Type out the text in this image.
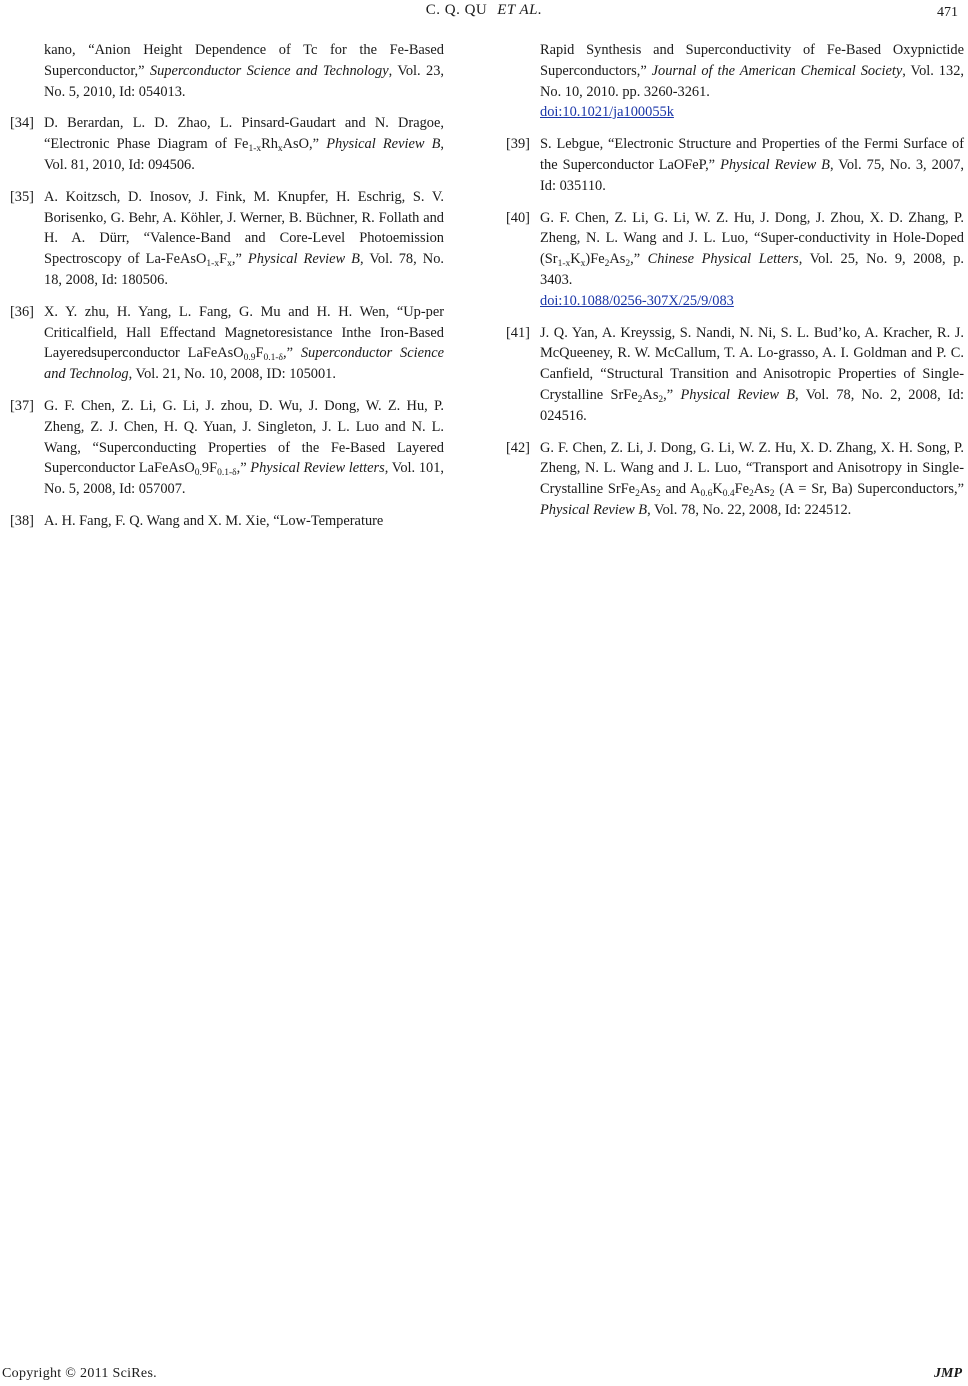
C. Q. QU ET AL.	471
kano, “Anion Height Dependence of Tc for the Fe-Based Superconductor,” Superconductor Science and Technology, Vol. 23, No. 5, 2010, Id: 054013.
[34] D. Berardan, L. D. Zhao, L. Pinsard-Gaudart and N. Dragoe, “Electronic Phase Diagram of $Fe_{1-x}Rh_xAsO$,” Physical Review B, Vol. 81, 2010, Id: 094506.
[35] A. Koitzsch, D. Inosov, J. Fink, M. Knupfer, H. Eschrig, S. V. Borisenko, G. Behr, A. Köhler, J. Werner, B. Büchner, R. Follath and H. A. Dürr, “Valence-Band and Core-Level Photoemission Spectroscopy of $La-FeAsO_{1-x}F_x$,” Physical Review B, Vol. 78, No. 18, 2008, Id: 180506.
[36] X. Y. zhu, H. Yang, L. Fang, G. Mu and H. H. Wen, “Up-per Criticalfield, Hall Effectand Magnetoresistance Inthe Iron-Based Layeredsuperconductor $LaFeAsO_{0.9}F_{0.1-\delta}$,” Superconductor Science and Technolog, Vol. 21, No. 10, 2008, ID: 105001.
[37] G. F. Chen, Z. Li, G. Li, J. zhou, D. Wu, J. Dong, W. Z. Hu, P. Zheng, Z. J. Chen, H. Q. Yuan, J. Singleton, J. L. Luo and N. L. Wang, “Superconducting Properties of the Fe-Based Layered Superconductor $LaFeAsO_{0.}9F_{0.1-\delta}$,” Physical Review letters, Vol. 101, No. 5, 2008, Id: 057007.
[38] A. H. Fang, F. Q. Wang and X. M. Xie, “Low-Temperature
Rapid Synthesis and Superconductivity of Fe-Based Oxypnictide Superconductors,” Journal of the American Chemical Society, Vol. 132, No. 10, 2010. pp. 3260-3261.
doi:10.1021/ja100055k
[39] S. Lebgue, “Electronic Structure and Properties of the Fermi Surface of the Superconductor LaOFeP,” Physical Review B, Vol. 75, No. 3, 2007, Id: 035110.
[40] G. F. Chen, Z. Li, G. Li, W. Z. Hu, J. Dong, J. Zhou, X. D. Zhang, P. Zheng, N. L. Wang and J. L. Luo, “Super-conductivity in Hole-Doped $(Sr_{1-x}K_x)Fe_2As_2$,” Chinese Physical Letters, Vol. 25, No. 9, 2008, p. 3403.
doi:10.1088/0256-307X/25/9/083
[41] J. Q. Yan, A. Kreyssig, S. Nandi, N. Ni, S. L. Bud’ko, A. Kracher, R. J. McQueeney, R. W. McCallum, T. A. Lo-grasso, A. I. Goldman and P. C. Canfield, “Structural Transition and Anisotropic Properties of Single-Crystalline $SrFe_2As_2$,” Physical Review B, Vol. 78, No. 2, 2008, Id: 024516.
[42] G. F. Chen, Z. Li, J. Dong, G. Li, W. Z. Hu, X. D. Zhang, X. H. Song, P. Zheng, N. L. Wang and J. L. Luo, “Transport and Anisotropy in Single-Crystalline $SrFe_2As_2$ and $A_{0.6}K_{0.4}Fe_2As_2$ (A = Sr, Ba) Superconductors,” Physical Review B, Vol. 78, No. 22, 2008, Id: 224512.
Copyright © 2011 SciRes.	JMP
